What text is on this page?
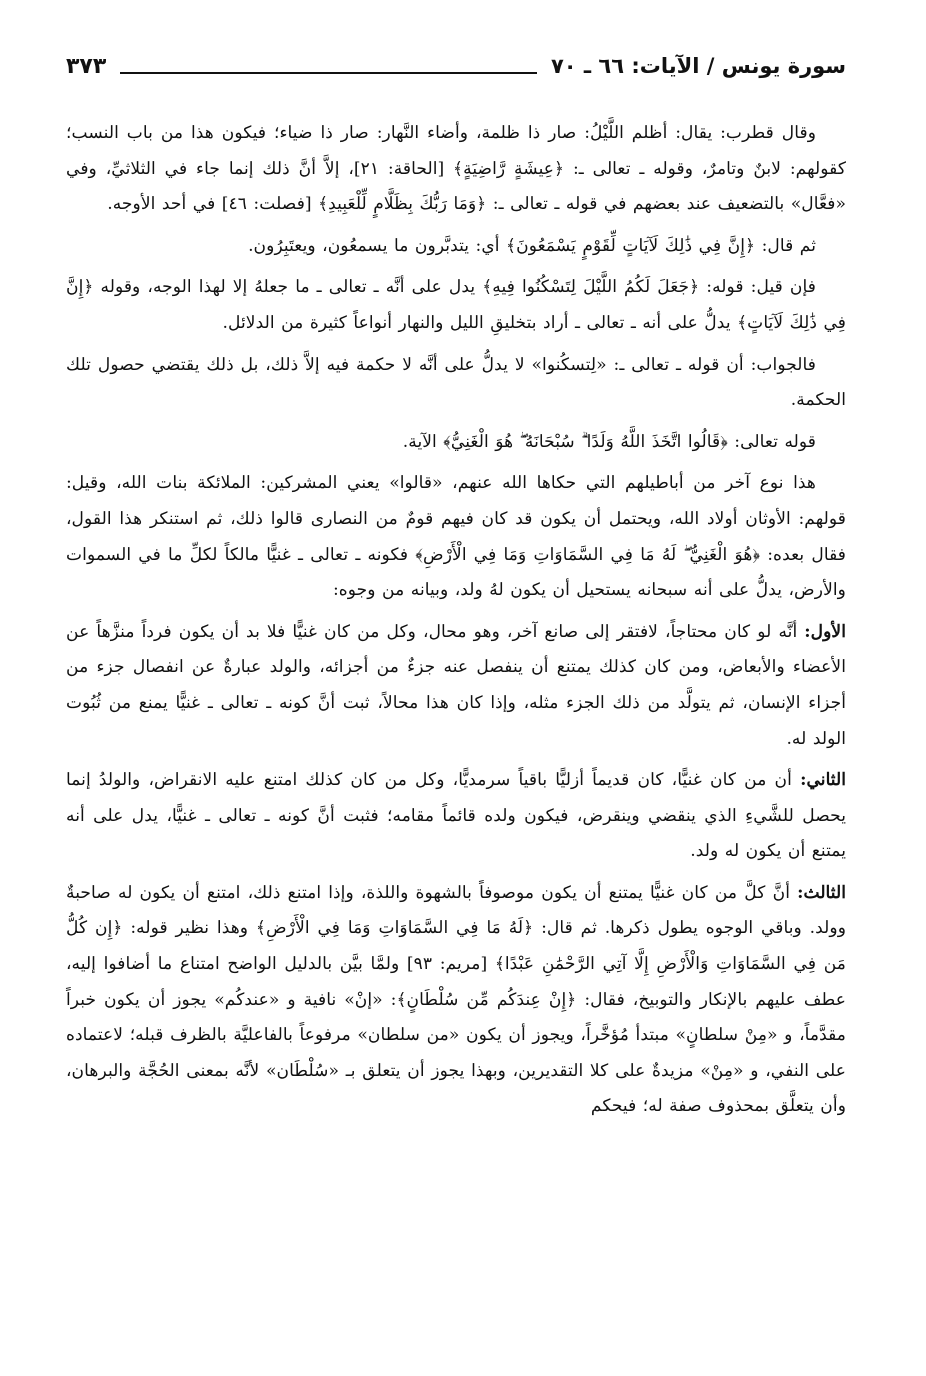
سورة يونس / الآيات: ٦٦ ـ ٧٠
٣٧٣

وقال قطرب: يقال: أظلم اللَّيْلُ: صار ذا ظلمة، وأضاء النَّهار: صار ذا ضياء؛ فيكون هذا من باب النسب؛ كقولهم: لابنٌ وتامرٌ، وقوله ـ تعالى ـ: ﴿عِيشَةٍ رَّاضِيَةٍ﴾ [الحاقة: ٢١]، إلاَّ أنَّ ذلك إنما جاء في الثلاثيِّ، وفي «فعَّال» بالتضعيف عند بعضهم في قوله ـ تعالى ـ: ﴿وَمَا رَبُّكَ بِظَلَّامٍ لِّلْعَبِيدِ﴾ [فصلت: ٤٦] في أحد الأوجه.

ثم قال: ﴿إِنَّ فِي ذَٰلِكَ لَآيَاتٍ لِّقَوْمٍ يَسْمَعُونَ﴾ أي: يتدبَّرون ما يسمعُون، ويعتَبِرُون.

فإن قيل: قوله: ﴿جَعَلَ لَكُمُ اللَّيْلَ لِتَسْكُنُوا فِيهِ﴾ يدل على أنَّه ـ تعالى ـ ما جعلهُ إلا لهذا الوجه، وقوله ﴿إِنَّ فِي ذَٰلِكَ لَآيَاتٍ﴾ يدلُّ على أنه ـ تعالى ـ أراد بتخليقِ الليل والنهار أنواعاً كثيرة من الدلائل.

فالجواب: أن قوله ـ تعالى ـ: «لِتسكُنوا» لا يدلُّ على أنَّه لا حكمة فيه إلاَّ ذلك، بل ذلك يقتضي حصول تلك الحكمة.

قوله تعالى: ﴿قَالُوا اتَّخَذَ اللَّهُ وَلَدًا ۗ سُبْحَانَهُ ۖ هُوَ الْغَنِيُّ﴾ الآية.

هذا نوع آخر من أباطيلهم التي حكاها الله عنهم، «قالوا» يعني المشركين: الملائكة بنات الله، وقيل: قولهم: الأوثان أولاد الله، ويحتمل أن يكون قد كان فيهم قومٌ من النصارى قالوا ذلك، ثم استنكر هذا القول، فقال بعده: ﴿هُوَ الْغَنِيُّ ۖ لَهُ مَا فِي السَّمَاوَاتِ وَمَا فِي الْأَرْضِ﴾ فكونه ـ تعالى ـ غنيًّا مالكاً لكلِّ ما في السموات والأرض، يدلُّ على أنه سبحانه يستحيل أن يكون لهُ ولد، وبيانه من وجوه:

الأول: أنَّه لو كان محتاجاً، لافتقر إلى صانع آخر، وهو محال، وكل من كان غنيًّا فلا بد أن يكون فرداً منزَّهاً عن الأعضاء والأبعاض، ومن كان كذلك يمتنع أن ينفصل عنه جزءٌ من أجزائه، والولد عبارةٌ عن انفصال جزء من أجزاء الإنسان، ثم يتولَّد من ذلك الجزء مثله، وإذا كان هذا محالاً، ثبت أنَّ كونه ـ تعالى ـ غنيًّا يمنع من ثُبُوت الولد له.

الثاني: أن من كان غنيًّا، كان قديماً أزليًّا باقياً سرمديًّا، وكل من كان كذلك امتنع عليه الانقراض، والولدُ إنما يحصل للشَّيءِ الذي ينقضي وينقرض، فيكون ولده قائماً مقامه؛ فثبت أنَّ كونه ـ تعالى ـ غنيًّا، يدل على أنه يمتنع أن يكون له ولد.

الثالث: أنَّ كلَّ من كان غنيًّا يمتنع أن يكون موصوفاً بالشهوة واللذة، وإذا امتنع ذلك، امتنع أن يكون له صاحبةٌ وولد. وباقي الوجوه يطول ذكرها. ثم قال: ﴿لَهُ مَا فِي السَّمَاوَاتِ وَمَا فِي الْأَرْضِ﴾ وهذا نظير قوله: ﴿إِن كُلُّ مَن فِي السَّمَاوَاتِ وَالْأَرْضِ إِلَّا آتِي الرَّحْمَٰنِ عَبْدًا﴾ [مريم: ٩٣] ولمَّا بيَّن بالدليل الواضح امتناع ما أضافوا إليه، عطف عليهم بالإنكار والتوبيخ، فقال: ﴿إِنْ عِندَكُم مِّن سُلْطَانٍ﴾: «إنْ» نافية و «عندكُم» يجوز أن يكون خبراً مقدَّماً، و «مِنْ سلطانٍ» مبتدأ مُؤخَّراً، ويجوز أن يكون «من سلطان» مرفوعاً بالفاعليَّة بالظرف قبله؛ لاعتماده على النفي، و «مِنْ» مزيدةٌ على كلا التقديرين، وبهذا يجوز أن يتعلق بـ «سُلْطَان» لأنَّه بمعنى الحُجَّة والبرهان، وأن يتعلَّق بمحذوف صفة له؛ فيحكم
